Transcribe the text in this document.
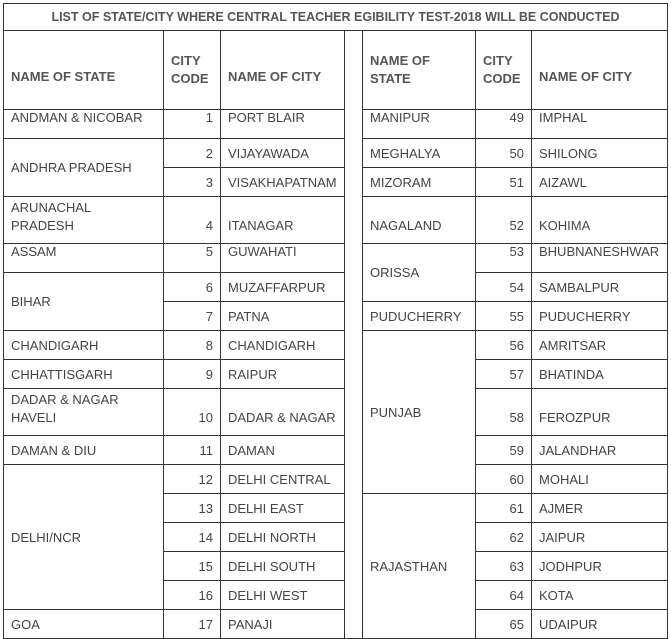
LIST OF STATE/CITY WHERE CENTRAL TEACHER EGIBILITY TEST-2018 WILL BE CONDUCTED						
NAME OF STATE	CITY CODE	NAME OF CITY		NAME OF STATE	CITY CODE	NAME OF CITY
ANDMAN & NICOBAR	1	PORT BLAIR		MANIPUR	49	IMPHAL
ANDHRA PRADESH	2	VIJAYAWADA		MEGHALYA	50	SHILONG
	3	VISAKHAPATNAM		MIZORAM	51	AIZAWL
ARUNACHAL PRADESH	4	ITANAGAR		NAGALAND	52	KOHIMA
ASSAM	5	GUWAHATI		ORISSA	53	BHUBNANESHWAR
BIHAR	6	MUZAFFARPUR			54	SAMBALPUR
	7	PATNA		PUDUCHERRY	55	PUDUCHERRY
CHANDIGARH	8	CHANDIGARH		PUNJAB	56	AMRITSAR
CHHATTISGARH	9	RAIPUR			57	BHATINDA
DADAR & NAGAR HAVELI	10	DADAR & NAGAR			58	FEROZPUR
DAMAN & DIU	11	DAMAN			59	JALANDHAR
DELHI/NCR	12	DELHI CENTRAL			60	MOHALI
	13	DELHI EAST		RAJASTHAN	61	AJMER
	14	DELHI NORTH			62	JAIPUR
	15	DELHI SOUTH			63	JODHPUR
	16	DELHI WEST			64	KOTA
GOA	17	PANAJI			65	UDAIPUR
